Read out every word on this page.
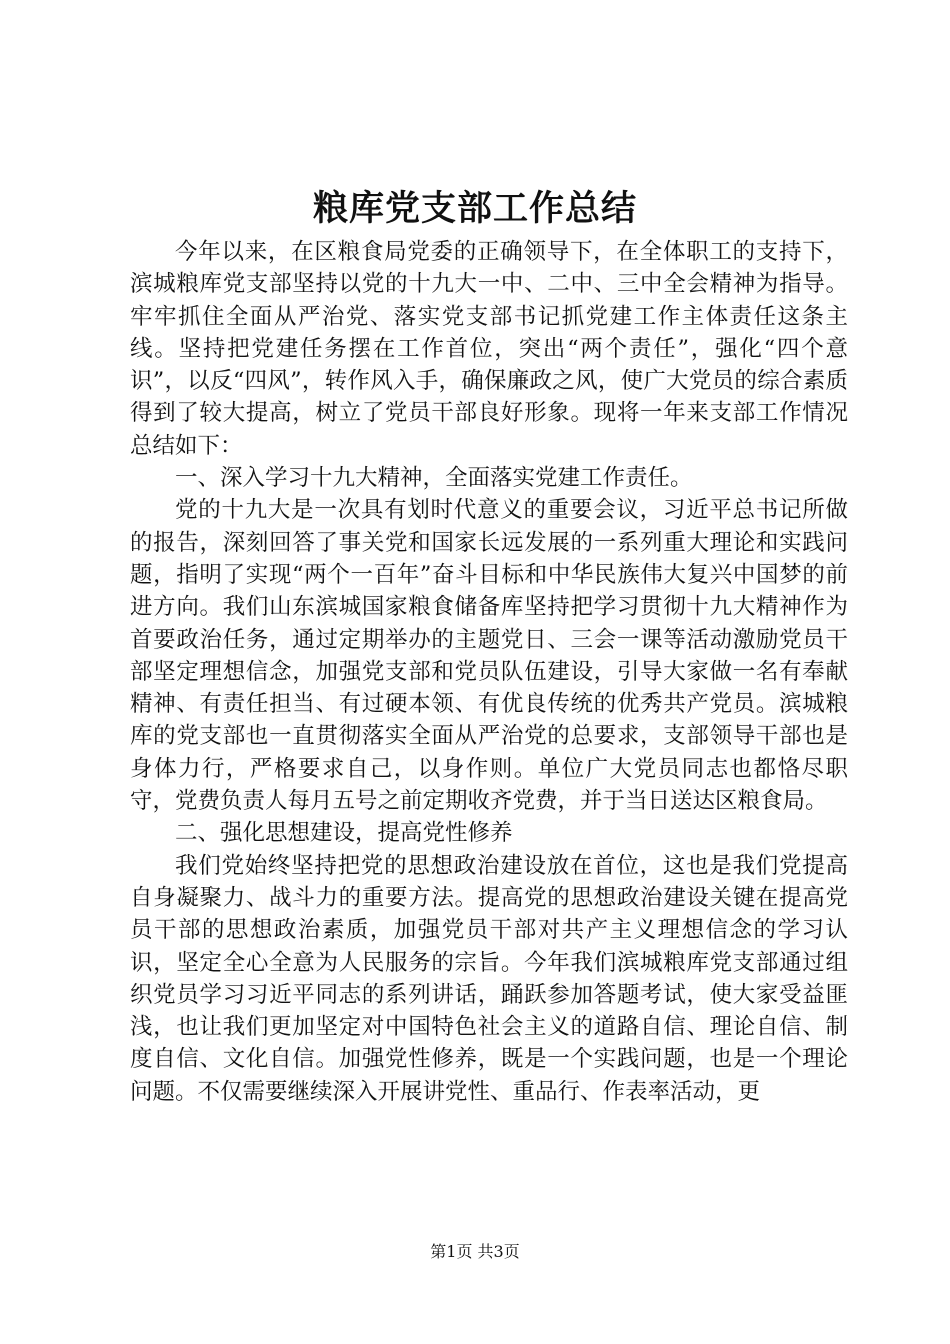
粮库党支部工作总结

今年以来，在区粮食局党委的正确领导下，在全体职工的支持下，滨城粮库党支部坚持以党的十九大一中、二中、三中全会精神为指导。牢牢抓住全面从严治党、落实党支部书记抓党建工作主体责任这条主线。坚持把党建任务摆在工作首位，突出“两个责任”，强化“四个意识”，以反“四风”，转作风入手，确保廉政之风，使广大党员的综合素质得到了较大提高，树立了党员干部良好形象。现将一年来支部工作情况总结如下：

一、深入学习十九大精神，全面落实党建工作责任。

党的十九大是一次具有划时代意义的重要会议，习近平总书记所做的报告，深刻回答了事关党和国家长远发展的一系列重大理论和实践问题，指明了实现“两个一百年”奋斗目标和中华民族伟大复兴中国梦的前进方向。我们山东滨城国家粮食储备库坚持把学习贯彻十九大精神作为首要政治任务，通过定期举办的主题党日、三会一课等活动激励党员干部坚定理想信念，加强党支部和党员队伍建设，引导大家做一名有奉献精神、有责任担当、有过硬本领、有优良传统的优秀共产党员。滨城粮库的党支部也一直贯彻落实全面从严治党的总要求，支部领导干部也是身体力行，严格要求自己，以身作则。单位广大党员同志也都恪尽职守，党费负责人每月五号之前定期收齐党费，并于当日送达区粮食局。

二、强化思想建设，提高党性修养

我们党始终坚持把党的思想政治建设放在首位，这也是我们党提高自身凝聚力、战斗力的重要方法。提高党的思想政治建设关键在提高党员干部的思想政治素质，加强党员干部对共产主义理想信念的学习认识，坚定全心全意为人民服务的宗旨。今年我们滨城粮库党支部通过组织党员学习习近平同志的系列讲话，踊跃参加答题考试，使大家受益匪浅，也让我们更加坚定对中国特色社会主义的道路自信、理论自信、制度自信、文化自信。加强党性修养，既是一个实践问题，也是一个理论问题。不仅需要继续深入开展讲党性、重品行、作表率活动，更

第1页 共3页
